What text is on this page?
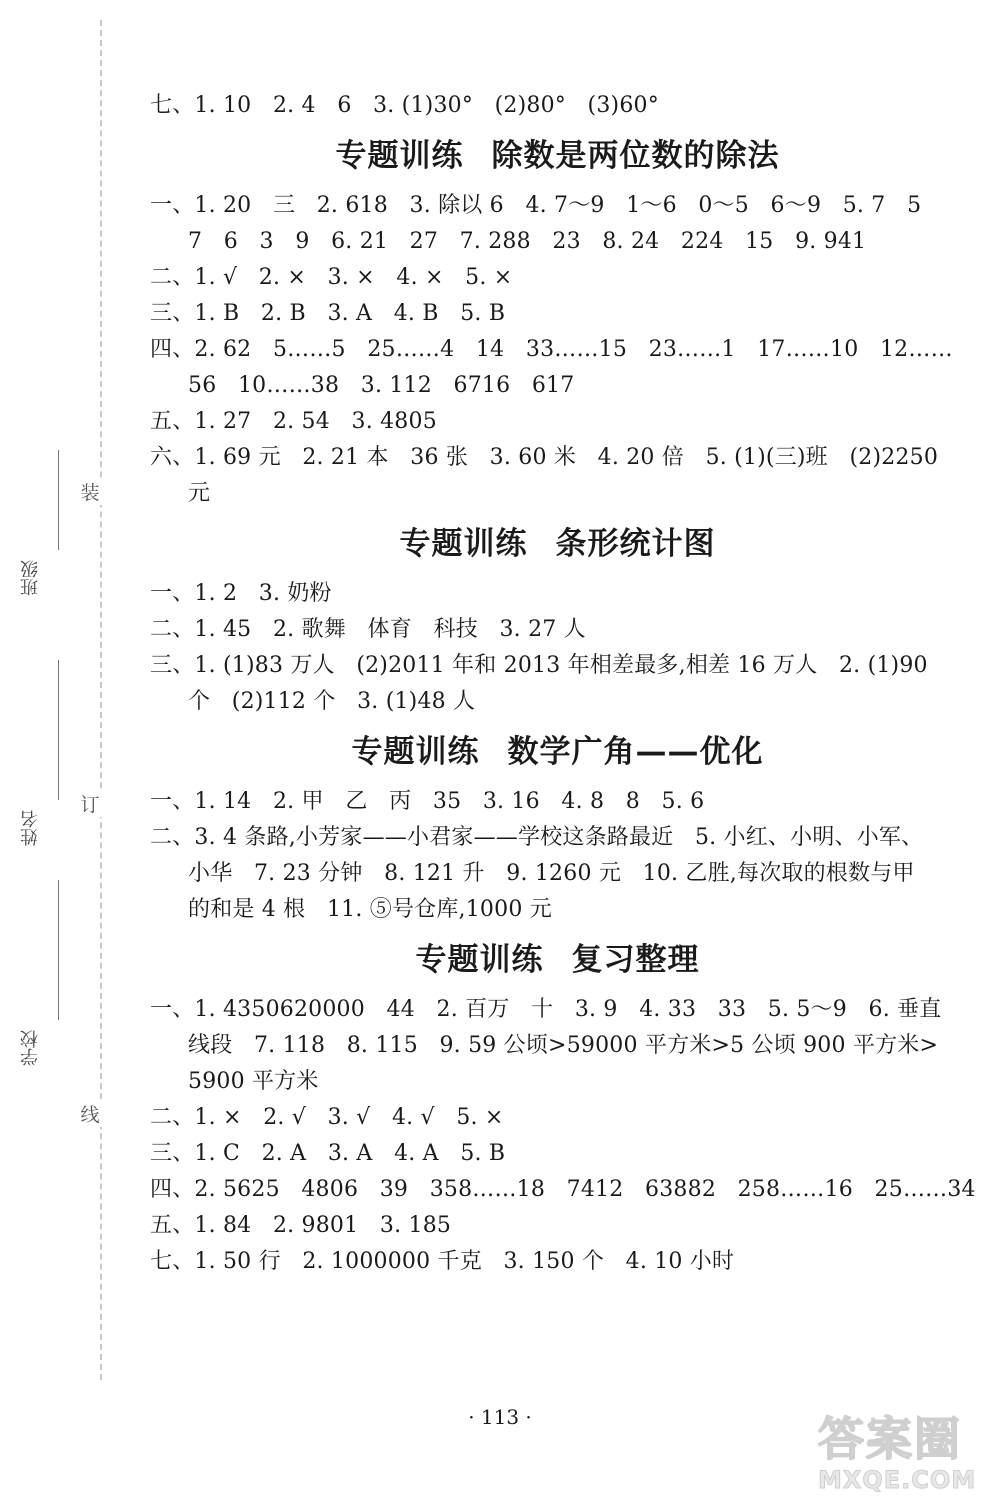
装
订
线
班级
姓名
学校
七、1. 10   2. 4   6   3. (1)30°   (2)80°   (3)60°
专题训练 除数是两位数的除法
一、1. 20   三   2. 618   3. 除以 6   4. 7～9   1～6   0～5   6～9   5. 7   5
7   6   3   9   6. 21   27   7. 288   23   8. 24   224   15   9. 941
二、1. √   2. ×   3. ×   4. ×   5. ×
三、1. B   2. B   3. A   4. B   5. B
四、2. 62   5……5   25……4   14   33……15   23……1   17……10   12……
56   10……38   3. 112   6716   617
五、1. 27   2. 54   3. 4805
六、1. 69 元   2. 21 本   36 张   3. 60 米   4. 20 倍   5. (1)(三)班   (2)2250
元
专题训练 条形统计图
一、1. 2   3. 奶粉
二、1. 45   2. 歌舞   体育   科技   3. 27 人
三、1. (1)83 万人   (2)2011 年和 2013 年相差最多,相差 16 万人   2. (1)90
个   (2)112 个   3. (1)48 人
专题训练 数学广角——优化
一、1. 14   2. 甲   乙   丙   35   3. 16   4. 8   8   5. 6
二、3. 4 条路,小芳家——小君家——学校这条路最近   5. 小红、小明、小军、
小华   7. 23 分钟   8. 121 升   9. 1260 元   10. 乙胜,每次取的根数与甲
的和是 4 根   11. ⑤号仓库,1000 元
专题训练 复习整理
一、1. 4350620000   44   2. 百万   十   3. 9   4. 33   33   5. 5～9   6. 垂直
线段   7. 118   8. 115   9. 59 公顷>59000 平方米>5 公顷 900 平方米>
5900 平方米
二、1. ×   2. √   3. √   4. √   5. ×
三、1. C   2. A   3. A   4. A   5. B
四、2. 5625   4806   39   358……18   7412   63882   258……16   25……34
五、1. 84   2. 9801   3. 185
七、1. 50 行   2. 1000000 千克   3. 150 个   4. 10 小时
· 113 ·	答案圈
MXQE.COM
